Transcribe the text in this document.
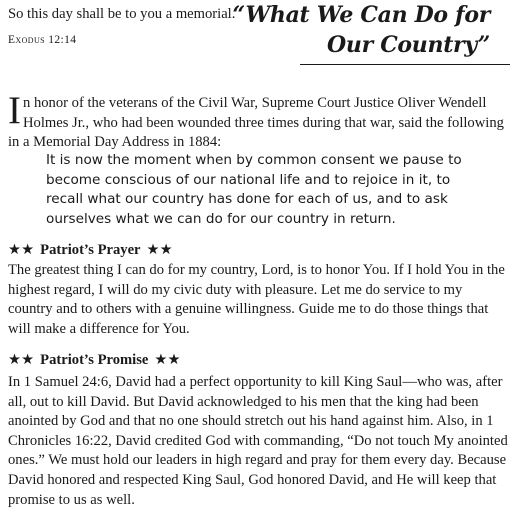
So this day shall be to you a memorial.
Exodus 12:14
“What We Can Do for
Our Country”
I n honor of the veterans of the Civil War, Supreme Court Justice Oliver Wendell Holmes Jr., who had been wounded three times during that war, said the following in a Memorial Day Address in 1884:
It is now the moment when by common consent we pause to become conscious of our national life and to rejoice in it, to recall what our country has done for each of us, and to ask ourselves what we can do for our country in return.
★★ Patriot’s Prayer ★★
The greatest thing I can do for my country, Lord, is to honor You. If I hold You in the highest regard, I will do my civic duty with pleasure. Let me do service to my country and to others with a genuine willingness. Guide me to do those things that will make a difference for You.
★★ Patriot’s Promise ★★
In 1 Samuel 24:6, David had a perfect opportunity to kill King Saul—who was, after all, out to kill David. But David acknowledged to his men that the king had been anointed by God and that no one should stretch out his hand against him. Also, in 1 Chronicles 16:22, David credited God with commanding, “Do not touch My anointed ones.” We must hold our leaders in high regard and pray for them every day. Because David honored and respected King Saul, God honored David, and He will keep that promise to us as well.
